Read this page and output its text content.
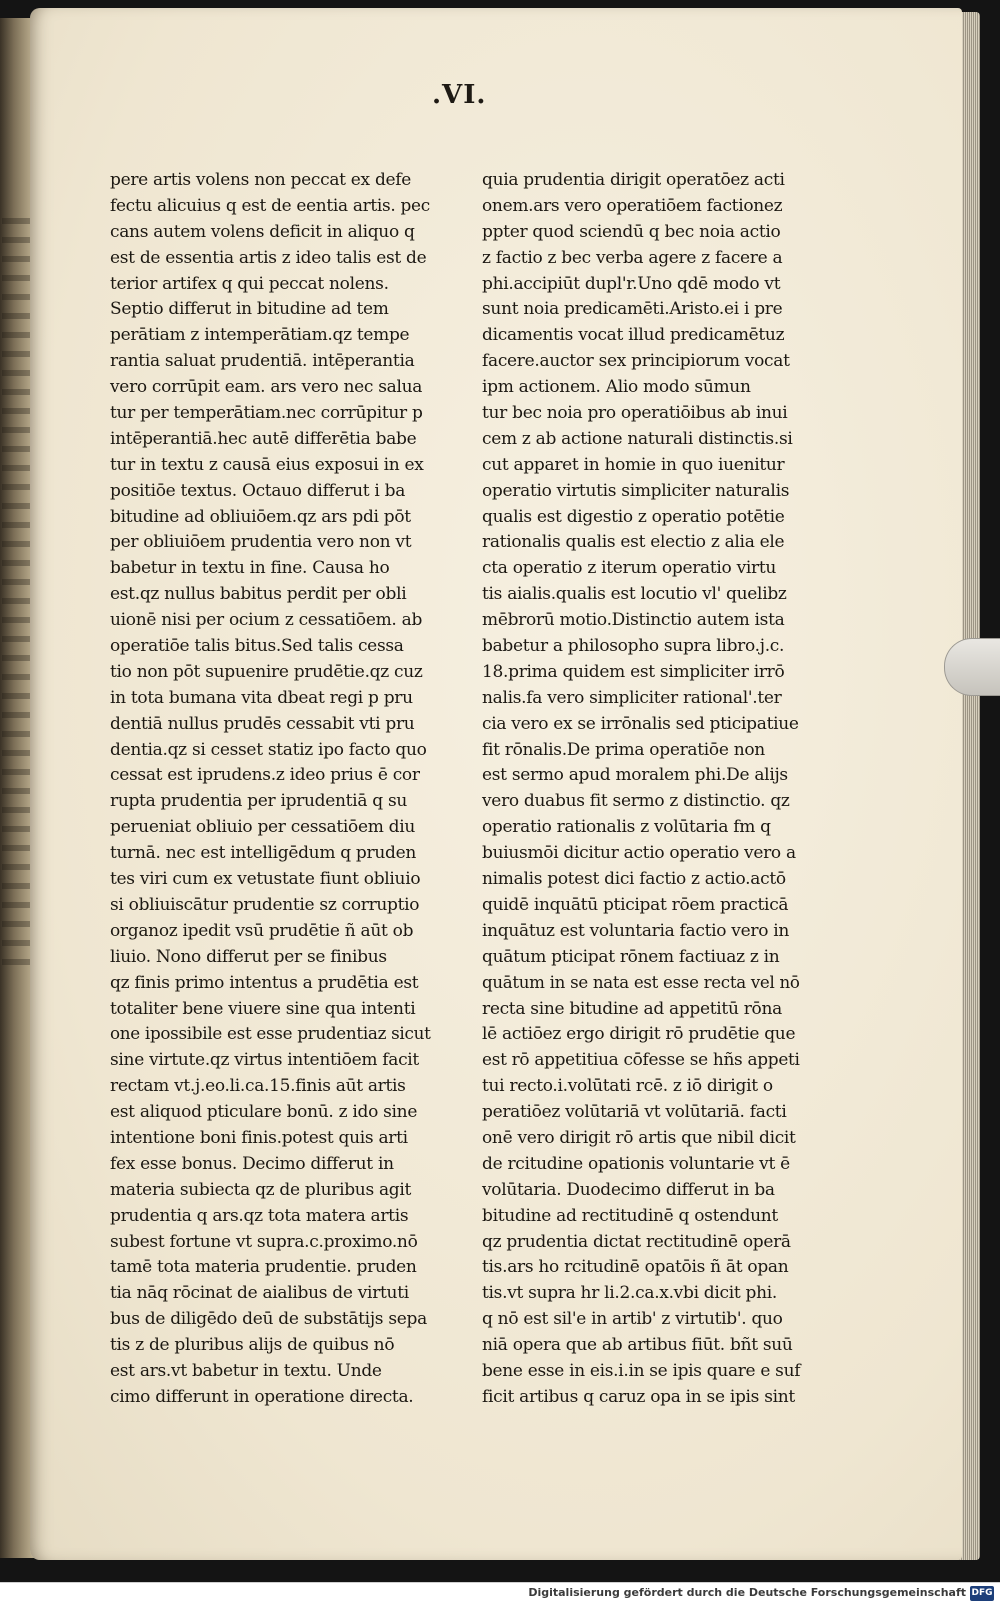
.VI.
pere artis volens non peccat ex defe
fectu alicuius q est de eentia artis. pec
cans autem volens deficit in aliquo q
est de essentia artis z ideo talis est de
terior artifex q qui peccat nolens.
Septio differut in bitudine ad tem
perātiam z intemperātiam.qz tempe
rantia saluat prudentiā. intēperantia
vero corrūpit eam. ars vero nec salua
tur per temperātiam.nec corrūpitur p
intēperantiā.hec autē differētia babe
tur in textu z causā eius exposui in ex
positiōe textus. Octauo differut i ba
bitudine ad obliuiōem.qz ars pdi pōt
per obliuiōem prudentia vero non vt
babetur in textu in fine. Causa ho
est.qz nullus babitus perdit per obli
uionē nisi per ocium z cessatiōem. ab
operatiōe talis bitus.Sed talis cessa
tio non pōt supuenire prudētie.qz cuz
in tota bumana vita dbeat regi p pru
dentiā nullus prudēs cessabit vti pru
dentia.qz si cesset statiz ipo facto quo
cessat est iprudens.z ideo prius ē cor
rupta prudentia per iprudentiā q su
perueniat obliuio per cessatiōem diu
turnā. nec est intelligēdum q pruden
tes viri cum ex vetustate fiunt obliuio
si obliuiscātur prudentie sz corruptio
organoz ipedit vsū prudētie ñ aūt ob
liuio. Nono differut per se finibus
qz finis primo intentus a prudētia est
totaliter bene viuere sine qua intenti
one ipossibile est esse prudentiaz sicut
sine virtute.qz virtus intentiōem facit
rectam vt.j.eo.li.ca.15.finis aūt artis
est aliquod pticulare bonū. z ido sine
intentione boni finis.potest quis arti
fex esse bonus. Decimo differut in
materia subiecta qz de pluribus agit
prudentia q ars.qz tota matera artis
subest fortune vt supra.c.proximo.nō
tamē tota materia prudentie. pruden
tia nāq rōcinat de aialibus de virtuti
bus de diligēdo deū de substātijs sepa
tis z de pluribus alijs de quibus nō
est ars.vt babetur in textu. Unde
cimo differunt in operatione directa.
quia prudentia dirigit operatōez acti
onem.ars vero operatiōem factionez
ppter quod sciendū q bec noia actio
z factio z bec verba agere z facere a
phi.accipiūt dupl'r.Uno qdē modo vt
sunt noia predicamēti.Aristo.ei i pre
dicamentis vocat illud predicamētuz
facere.auctor sex principiorum vocat
ipm actionem. Alio modo sūmun
tur bec noia pro operatiōibus ab inui
cem z ab actione naturali distinctis.si
cut apparet in homie in quo iuenitur
operatio virtutis simpliciter naturalis
qualis est digestio z operatio potētie
rationalis qualis est electio z alia ele
cta operatio z iterum operatio virtu
tis aialis.qualis est locutio vl' quelibz
mēbrorū motio.Distinctio autem ista
babetur a philosopho supra libro.j.c.
18.prima quidem est simpliciter irrō
nalis.fa vero simpliciter rational'.ter
cia vero ex se irrōnalis sed pticipatiue
fit rōnalis.De prima operatiōe non
est sermo apud moralem phi.De alijs
vero duabus fit sermo z distinctio. qz
operatio rationalis z volūtaria fm q
buiusmōi dicitur actio operatio vero a
nimalis potest dici factio z actio.actō
quidē inquātū pticipat rōem practicā
inquātuz est voluntaria factio vero in
quātum pticipat rōnem factiuaz z in
quātum in se nata est esse recta vel nō
recta sine bitudine ad appetitū rōna
lē actiōez ergo dirigit rō prudētie que
est rō appetitiua cōfesse se hñs appeti
tui recto.i.volūtati rcē. z iō dirigit o
peratiōez volūtariā vt volūtariā. facti
onē vero dirigit rō artis que nibil dicit
de rcitudine opationis voluntarie vt ē
volūtaria. Duodecimo differut in ba
bitudine ad rectitudinē q ostendunt
qz prudentia dictat rectitudinē operā
tis.ars ho rcitudinē opatōis ñ āt opan
tis.vt supra hr li.2.ca.x.vbi dicit phi.
q nō est sil'e in artib' z virtutib'. quo
niā opera que ab artibus fiūt. bñt suū
bene esse in eis.i.in se ipis quare e suf
ficit artibus q caruz opa in se ipis sint
Digitalisierung gefördert durch die Deutsche Forschungsgemeinschaft DFG
